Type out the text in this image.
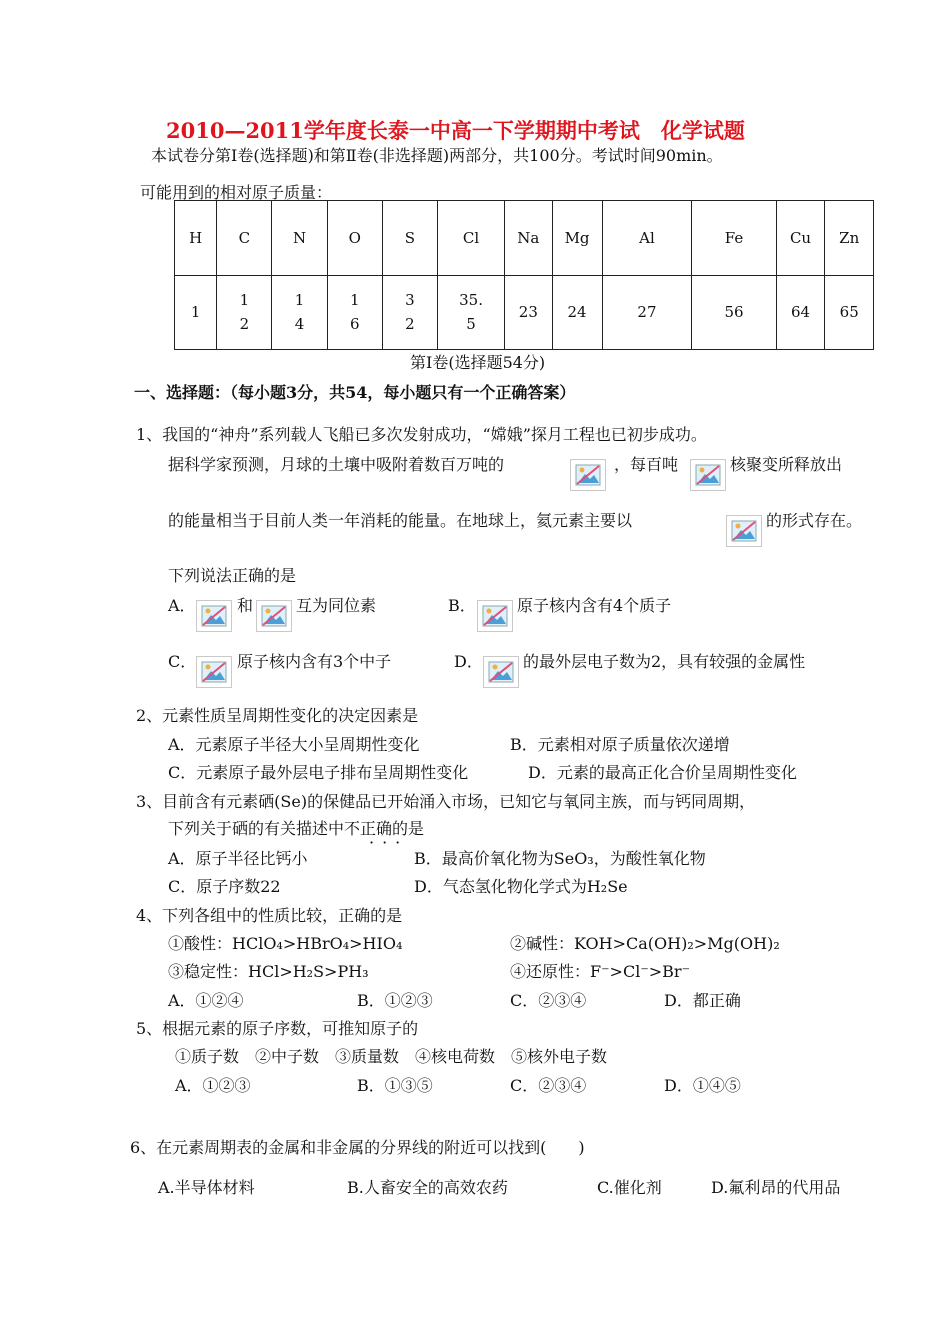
2010—2011学年度长泰一中高一下学期期中考试　化学试题
本试卷分第Ⅰ卷(选择题)和第Ⅱ卷(非选择题)两部分，共100分。考试时间90min。
可能用到的相对原子质量：
H	C	N	O	S	Cl	Na	Mg	Al	Fe	Cu	Zn
1	12	14	16	32	35.5	23	24	27	56	64	65
第Ⅰ卷(选择题54分)
一、选择题：（每小题3分，共54，每小题只有一个正确答案）
1、我国的“神舟”系列载人飞船已多次发射成功，“嫦娥”探月工程也已初步成功。
据科学家预测，月球的土壤中吸附着数百万吨的	，每百吨	核聚变所释放出
的能量相当于目前人类一年消耗的能量。在地球上，氦元素主要以	的形式存在。
下列说法正确的是
A．	和	互为同位素	B．	原子核内含有4个质子
C．	原子核内含有3个中子	D．	的最外层电子数为2，具有较强的金属性
2、元素性质呈周期性变化的决定因素是
A．元素原子半径大小呈周期性变化	B．元素相对原子质量依次递增
C．元素原子最外层电子排布呈周期性变化	D．元素的最高正化合价呈周期性变化
3、目前含有元素硒(Se)的保健品已开始涌入市场，已知它与氧同主族，而与钙同周期，
下列关于硒的有关描述中不正确的是
···
A．原子半径比钙小	B．最高价氧化物为SeO₃，为酸性氧化物
C．原子序数22	D．气态氢化物化学式为H₂Se
4、下列各组中的性质比较，正确的是
①酸性：HClO₄>HBrO₄>HIO₄	②碱性：KOH>Ca(OH)₂>Mg(OH)₂
③稳定性：HCl>H₂S>PH₃	④还原性：F⁻>Cl⁻>Br⁻
A．①②④	B．①②③	C．②③④	D．都正确
5、根据元素的原子序数，可推知原子的
①质子数　②中子数　③质量数　④核电荷数　⑤核外电子数
A．①②③	B．①③⑤	C．②③④	D．①④⑤
6、在元素周期表的金属和非金属的分界线的附近可以找到(　　)
A.半导体材料	B.人畜安全的高效农药	C.催化剂	D.氟利昂的代用品
